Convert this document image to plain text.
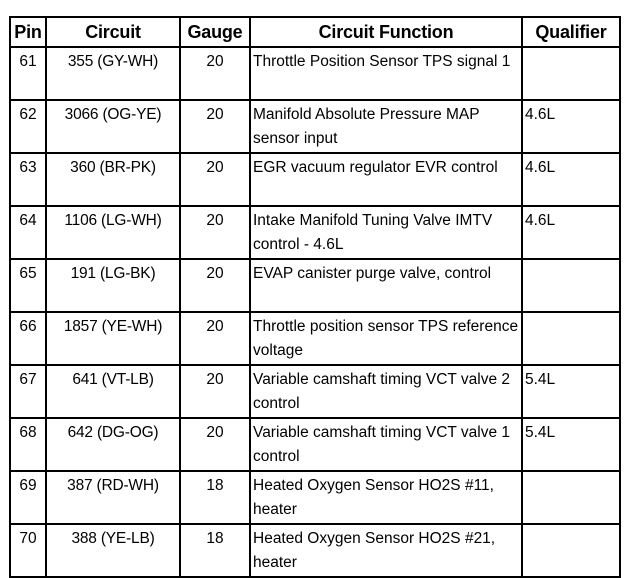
Pin	Circuit	Gauge	Circuit Function	Qualifier
61	355 (GY-WH)	20	Throttle Position Sensor TPS signal 1	
62	3066 (OG-YE)	20	Manifold Absolute Pressure MAP sensor input	4.6L
63	360 (BR-PK)	20	EGR vacuum regulator EVR control	4.6L
64	1106 (LG-WH)	20	Intake Manifold Tuning Valve IMTV control - 4.6L	4.6L
65	191 (LG-BK)	20	EVAP canister purge valve, control	
66	1857 (YE-WH)	20	Throttle position sensor TPS reference voltage	
67	641 (VT-LB)	20	Variable camshaft timing VCT valve 2 control	5.4L
68	642 (DG-OG)	20	Variable camshaft timing VCT valve 1 control	5.4L
69	387 (RD-WH)	18	Heated Oxygen Sensor HO2S #11, heater	
70	388 (YE-LB)	18	Heated Oxygen Sensor HO2S #21, heater	
